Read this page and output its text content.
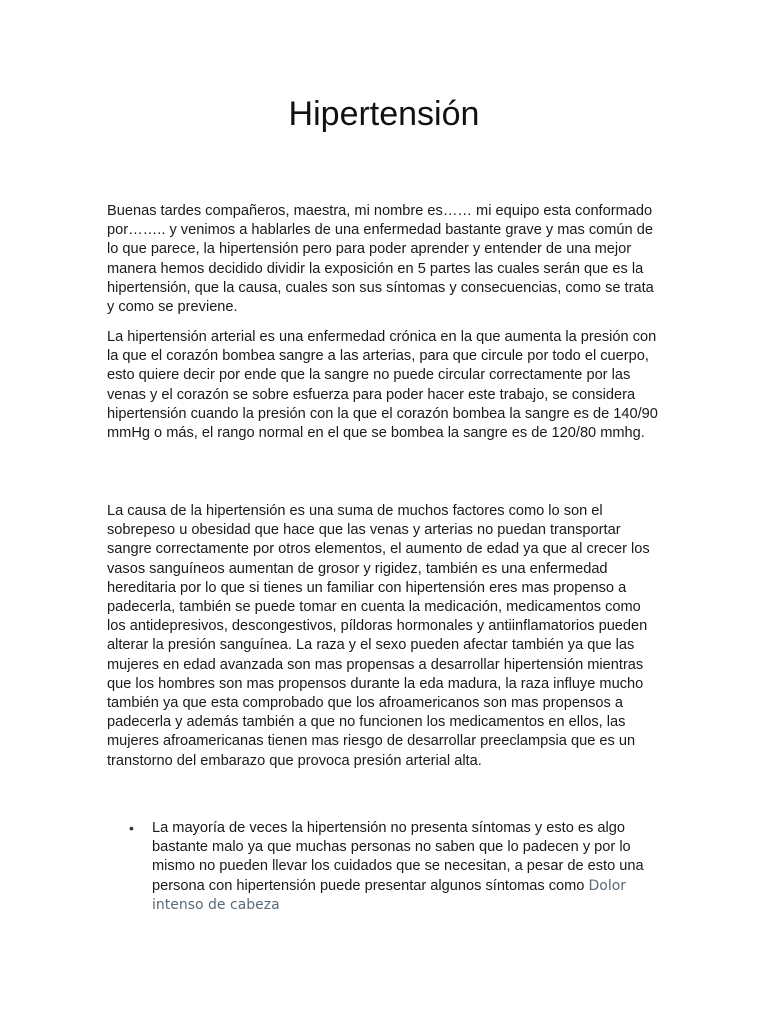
Hipertensión

Buenas tardes compañeros, maestra, mi nombre es…… mi equipo esta conformado por…….. y venimos a hablarles de una enfermedad bastante grave y mas común de lo que parece, la hipertensión pero para poder aprender y entender de una mejor manera hemos decidido dividir la exposición en 5 partes las cuales serán que es la hipertensión, que la causa, cuales son sus síntomas y consecuencias, como se trata y como se previene.

La hipertensión arterial es una enfermedad crónica en la que aumenta la presión con la que el corazón bombea sangre a las arterias, para que circule por todo el cuerpo, esto quiere decir por ende que la sangre no puede circular correctamente por las venas y el corazón se sobre esfuerza para poder hacer este trabajo, se considera hipertensión cuando la presión con la que el corazón bombea la sangre es de 140/90 mmHg o más, el rango normal en el que se bombea la sangre es de 120/80 mmhg.

La causa de la hipertensión es una suma de muchos factores como lo son el sobrepeso u obesidad que hace que las venas y arterias no puedan transportar sangre correctamente por otros elementos, el aumento de edad ya que al crecer los vasos sanguíneos aumentan de grosor y rigidez, también es una enfermedad hereditaria por lo que si tienes un familiar con hipertensión eres mas propenso a padecerla, también se puede tomar en cuenta la medicación, medicamentos como los antidepresivos, descongestivos, píldoras hormonales y antiinflamatorios pueden alterar la presión sanguínea. La raza y el sexo pueden afectar también ya que las mujeres en edad avanzada son mas propensas a desarrollar hipertensión mientras que los hombres son mas propensos durante la eda madura, la raza influye mucho también ya que esta comprobado que los afroamericanos son mas propensos a padecerla y además también a que no funcionen los medicamentos en ellos, las mujeres afroamericanas tienen mas riesgo de desarrollar preeclampsia que es un transtorno del embarazo que provoca presión arterial alta.

• La mayoría de veces la hipertensión no presenta síntomas y esto es algo bastante malo ya que muchas personas no saben que lo padecen y por lo mismo no pueden llevar los cuidados que se necesitan, a pesar de esto una persona con hipertensión puede presentar algunos síntomas como Dolor intenso de cabeza
